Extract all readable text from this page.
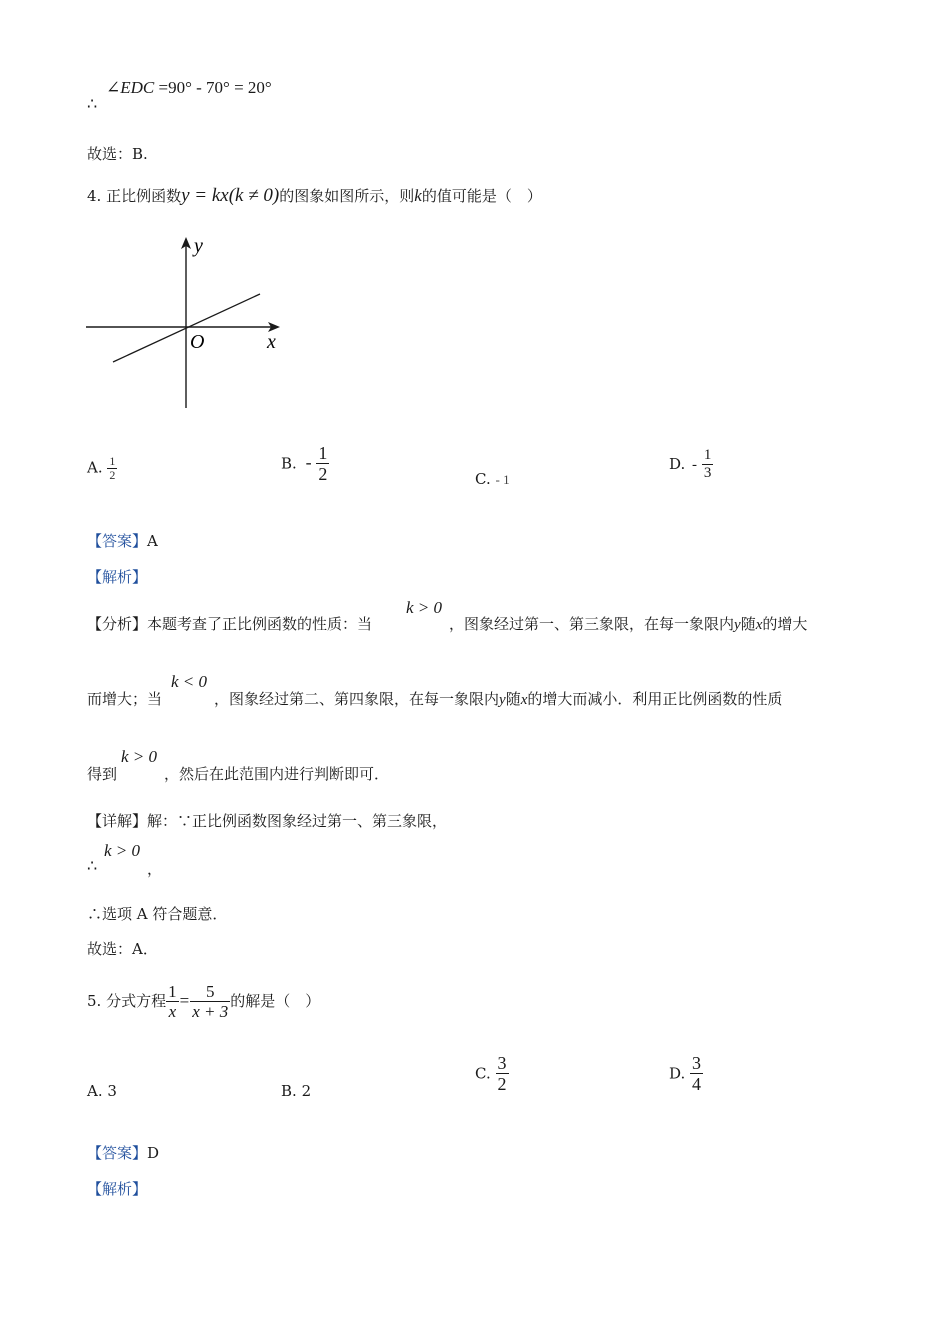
∴
∠EDC =90° - 70° = 20°
故选：B.
4. 正比例函数y = kx(k ≠ 0)的图象如图所示，则k的值可能是（　）
y
x
O
A. $\frac{1}{2}$	B. - $\frac{1}{2}$	C. - 1
D. - $\frac{1}{3}$
【答案】A
【解析】
【分析】本题考查了正比例函数的性质：当
k > 0
，图象经过第一、第三象限，在每一象限内y随x的增大
而增大；当
k < 0
，图象经过第二、第四象限，在每一象限内y随x的增大而减小．利用正比例函数的性质
得到
k > 0
，然后在此范围内进行判断即可．
【详解】解：∵正比例函数图象经过第一、第三象限，
∴
k > 0
，
∴选项 A 符合题意．
故选：A．
5. 分式方程 $\frac{1}{x} = \frac{5}{x + 3}$ 的解是（　）
A. 3	B. 2
C. $\frac{3}{2}$	D. $\frac{3}{4}$
【答案】D
【解析】
